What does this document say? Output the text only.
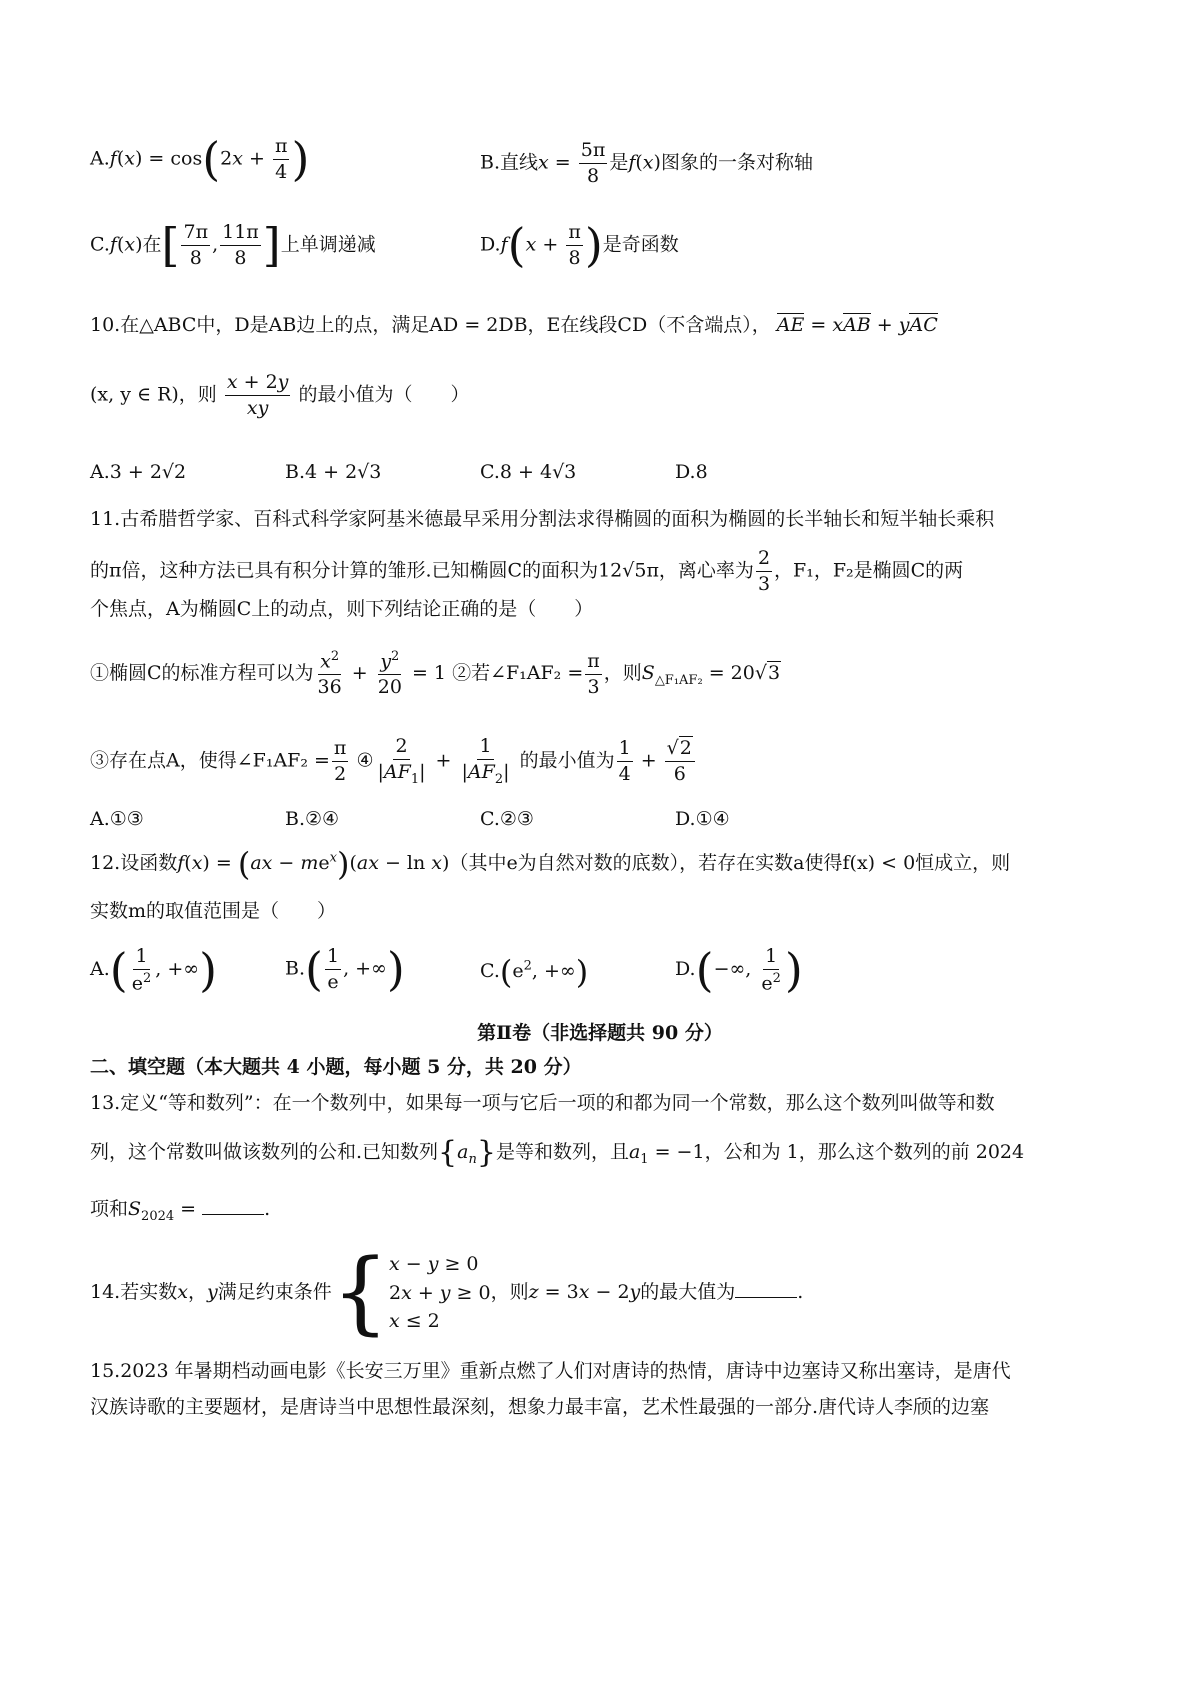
$A.f(x) = \cos(2x + \frac{\pi}{4}$ )	B.直线$x = \frac{5\pi}{8}$ 是f(x)图象的一条对称轴
C.f(x)在[ $\frac{7\pi}{8}$ , $\frac{11\pi}{8}$ ]上单调递减	$D.f(x + \frac{\pi}{8}$ )是奇函数
10.在△ABC中，D是AB边上的点，满足AD = 2DB，E在线段CD（不含端点）， AE = xAB + yAC
(x, y ∈ R)，则 $\frac{x + 2y}{xy}$ 的最小值为（　　）
A.3 + 2√2	B.4 + 2√3	C.8 + 4√3	D.8
11.古希腊哲学家、百科式科学家阿基米德最早采用分割法求得椭圆的面积为椭圆的长半轴长和短半轴长乘积
的π倍，这种方法已具有积分计算的雏形.已知椭圆C的面积为12√5π，离心率为 $\frac{2}{3}$ ，F₁，F₂是椭圆C的两
个焦点，A为椭圆C上的动点，则下列结论正确的是（　　）
①椭圆C的标准方程可以为 $\frac{x^2}{36} + \frac{y^2}{20} = 1$ ②若∠F₁AF₂ = $\frac{\pi}{3}$ ，则$S_{\triangle F_1AF_2} = 20√3$
③存在点A，使得∠F₁AF₂ = $\frac{\pi}{2}$ ④ $\frac{2}{|AF_1|} + \frac{1}{|AF_2|}$ 的最小值为 $\frac{1}{4} + \frac{√2}{6}$
A.①③	B.②④	C.②③	D.①④
12.设函数$f(x) = (ax - me^x)(ax - \ln x)$（其中e为自然对数的底数），若存在实数a使得f(x) < 0恒成立，则
实数m的取值范围是（　　）
$A.( \frac{1}{e^2}$ , +∞)	$B.( \frac{1}{e}$ , +∞)	$C.(e^2$, +∞)	D.(−∞, $\frac{1}{e^2}$ )
第Ⅱ卷（非选择题共 90 分）
二、填空题（本大题共 4 小题，每小题 5 分，共 20 分）
13.定义“等和数列”：在一个数列中，如果每一项与它后一项的和都为同一个常数，那么这个数列叫做等和数
列，这个常数叫做该数列的公和.已知数列$\{a_n\}$是等和数列，且$a_1 = -1$，公和为 1，那么这个数列的前 2024
项和$S_{2024}$ =	.
14.若实数x，y满足约束条件{ x − y ≥ 0
2x + y ≥ 0
x ≤ 2
，则z = 3x − 2y的最大值为	.
15.2023 年暑期档动画电影《长安三万里》重新点燃了人们对唐诗的热情，唐诗中边塞诗又称出塞诗，是唐代
汉族诗歌的主要题材，是唐诗当中思想性最深刻，想象力最丰富，艺术性最强的一部分.唐代诗人李颀的边塞
